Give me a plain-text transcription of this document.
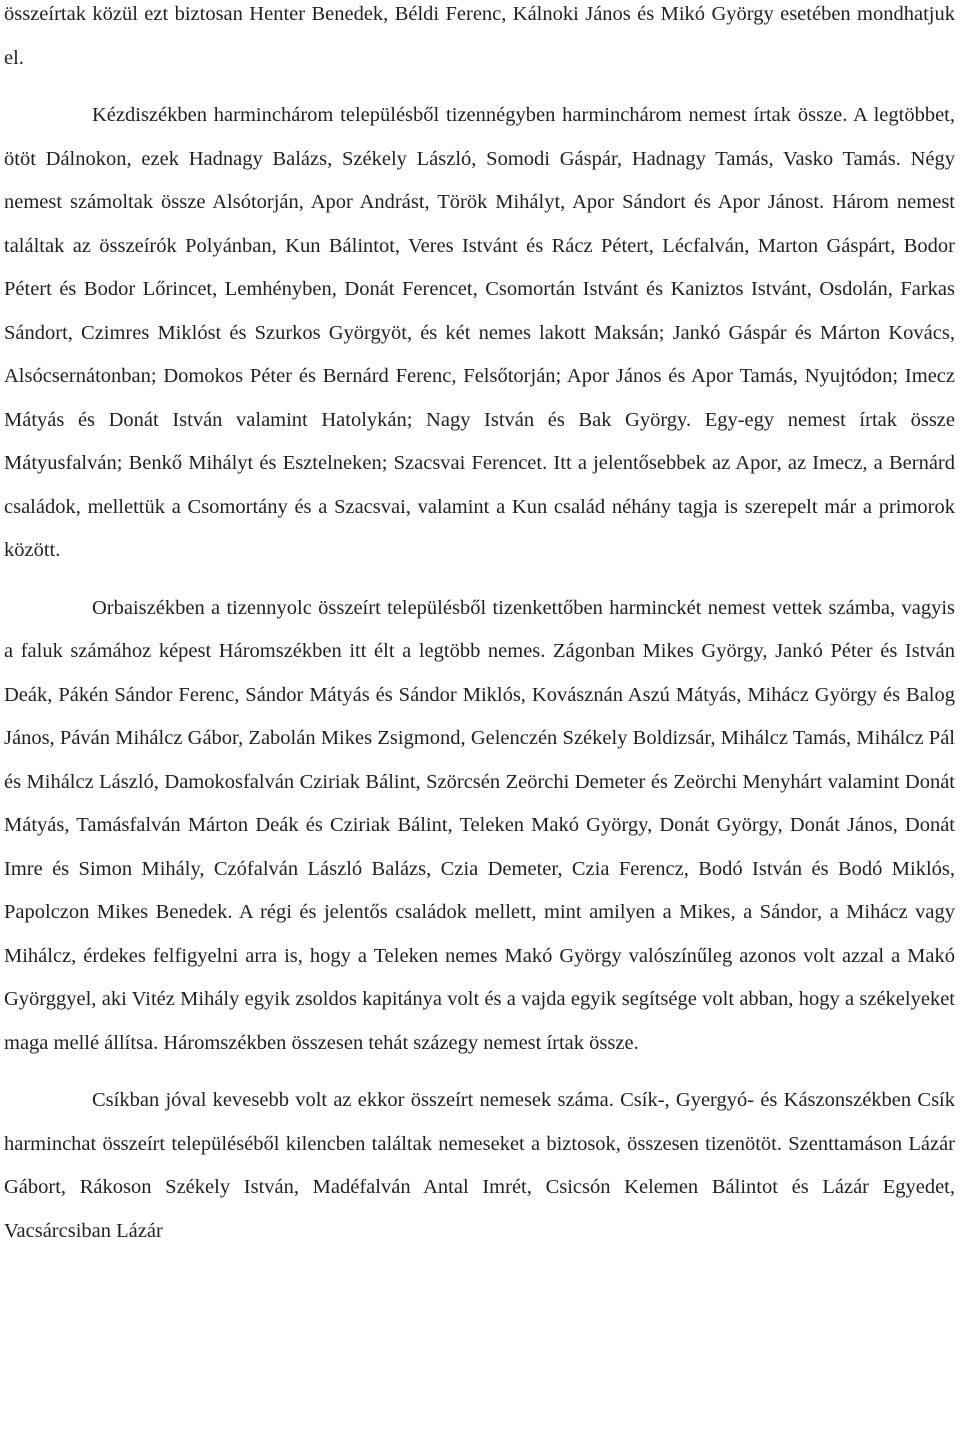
összeírtak közül ezt biztosan Henter Benedek, Béldi Ferenc, Kálnoki János és Mikó György esetében mondhatjuk el.

Kézdiszékben harminchárom településből tizennégyben harminchárom nemest írtak össze. A legtöbbet, ötöt Dálnokon, ezek Hadnagy Balázs, Székely László, Somodi Gáspár, Hadnagy Tamás, Vasko Tamás. Négy nemest számoltak össze Alsótorján, Apor Andrást, Török Mihályt, Apor Sándort és Apor Jánost. Három nemest találtak az összeírók Polyánban, Kun Bálintot, Veres Istvánt és Rácz Pétert, Lécfalván, Marton Gáspárt, Bodor Pétert és Bodor Lőrincet, Lemhényben, Donát Ferencet, Csomortán Istvánt és Kaniztos Istvánt, Osdolán, Farkas Sándort, Czimres Miklóst és Szurkos Györgyöt, és két nemes lakott Maksán; Jankó Gáspár és Márton Kovács, Alsócsernátonban; Domokos Péter és Bernárd Ferenc, Felsőtorján; Apor János és Apor Tamás, Nyujtódon; Imecz Mátyás és Donát István valamint Hatolykán; Nagy István és Bak György. Egy-egy nemest írtak össze Mátyusfalván; Benkő Mihályt és Esztelneken; Szacsvai Ferencet. Itt a jelentősebbek az Apor, az Imecz, a Bernárd családok, mellettük a Csomortány és a Szacsvai, valamint a Kun család néhány tagja is szerepelt már a primorok között.

Orbaiszékben a tizennyolc összeírt településből tizenkettőben harminckét nemest vettek számba, vagyis a faluk számához képest Háromszékben itt élt a legtöbb nemes. Zágonban Mikes György, Jankó Péter és István Deák, Pákén Sándor Ferenc, Sándor Mátyás és Sándor Miklós, Kovásznán Aszú Mátyás, Mihácz György és Balog János, Páván Mihálcz Gábor, Zabolán Mikes Zsigmond, Gelenczén Székely Boldizsár, Mihálcz Tamás, Mihálcz Pál és Mihálcz László, Damokosfalván Cziriak Bálint, Szörcsén Zeörchi Demeter és Zeörchi Menyhárt valamint Donát Mátyás, Tamásfalván Márton Deák és Cziriak Bálint, Teleken Makó György, Donát György, Donát János, Donát Imre és Simon Mihály, Czófalván László Balázs, Czia Demeter, Czia Ferencz, Bodó István és Bodó Miklós, Papolczon Mikes Benedek. A régi és jelentős családok mellett, mint amilyen a Mikes, a Sándor, a Mihácz vagy Mihálcz, érdekes felfigyelni arra is, hogy a Teleken nemes Makó György valószínűleg azonos volt azzal a Makó Györggyel, aki Vitéz Mihály egyik zsoldos kapitánya volt és a vajda egyik segítsége volt abban, hogy a székelyeket maga mellé állítsa. Háromszékben összesen tehát százegy nemest írtak össze.

Csíkban jóval kevesebb volt az ekkor összeírt nemesek száma. Csík-, Gyergyó- és Kászonszékben Csík harminchat összeírt településéből kilencben találtak nemeseket a biztosok, összesen tizenötöt. Szenttamáson Lázár Gábort, Rákoson Székely István, Madéfalván Antal Imrét, Csicsón Kelemen Bálintot és Lázár Egyedet, Vacsárcsiban Lázár
